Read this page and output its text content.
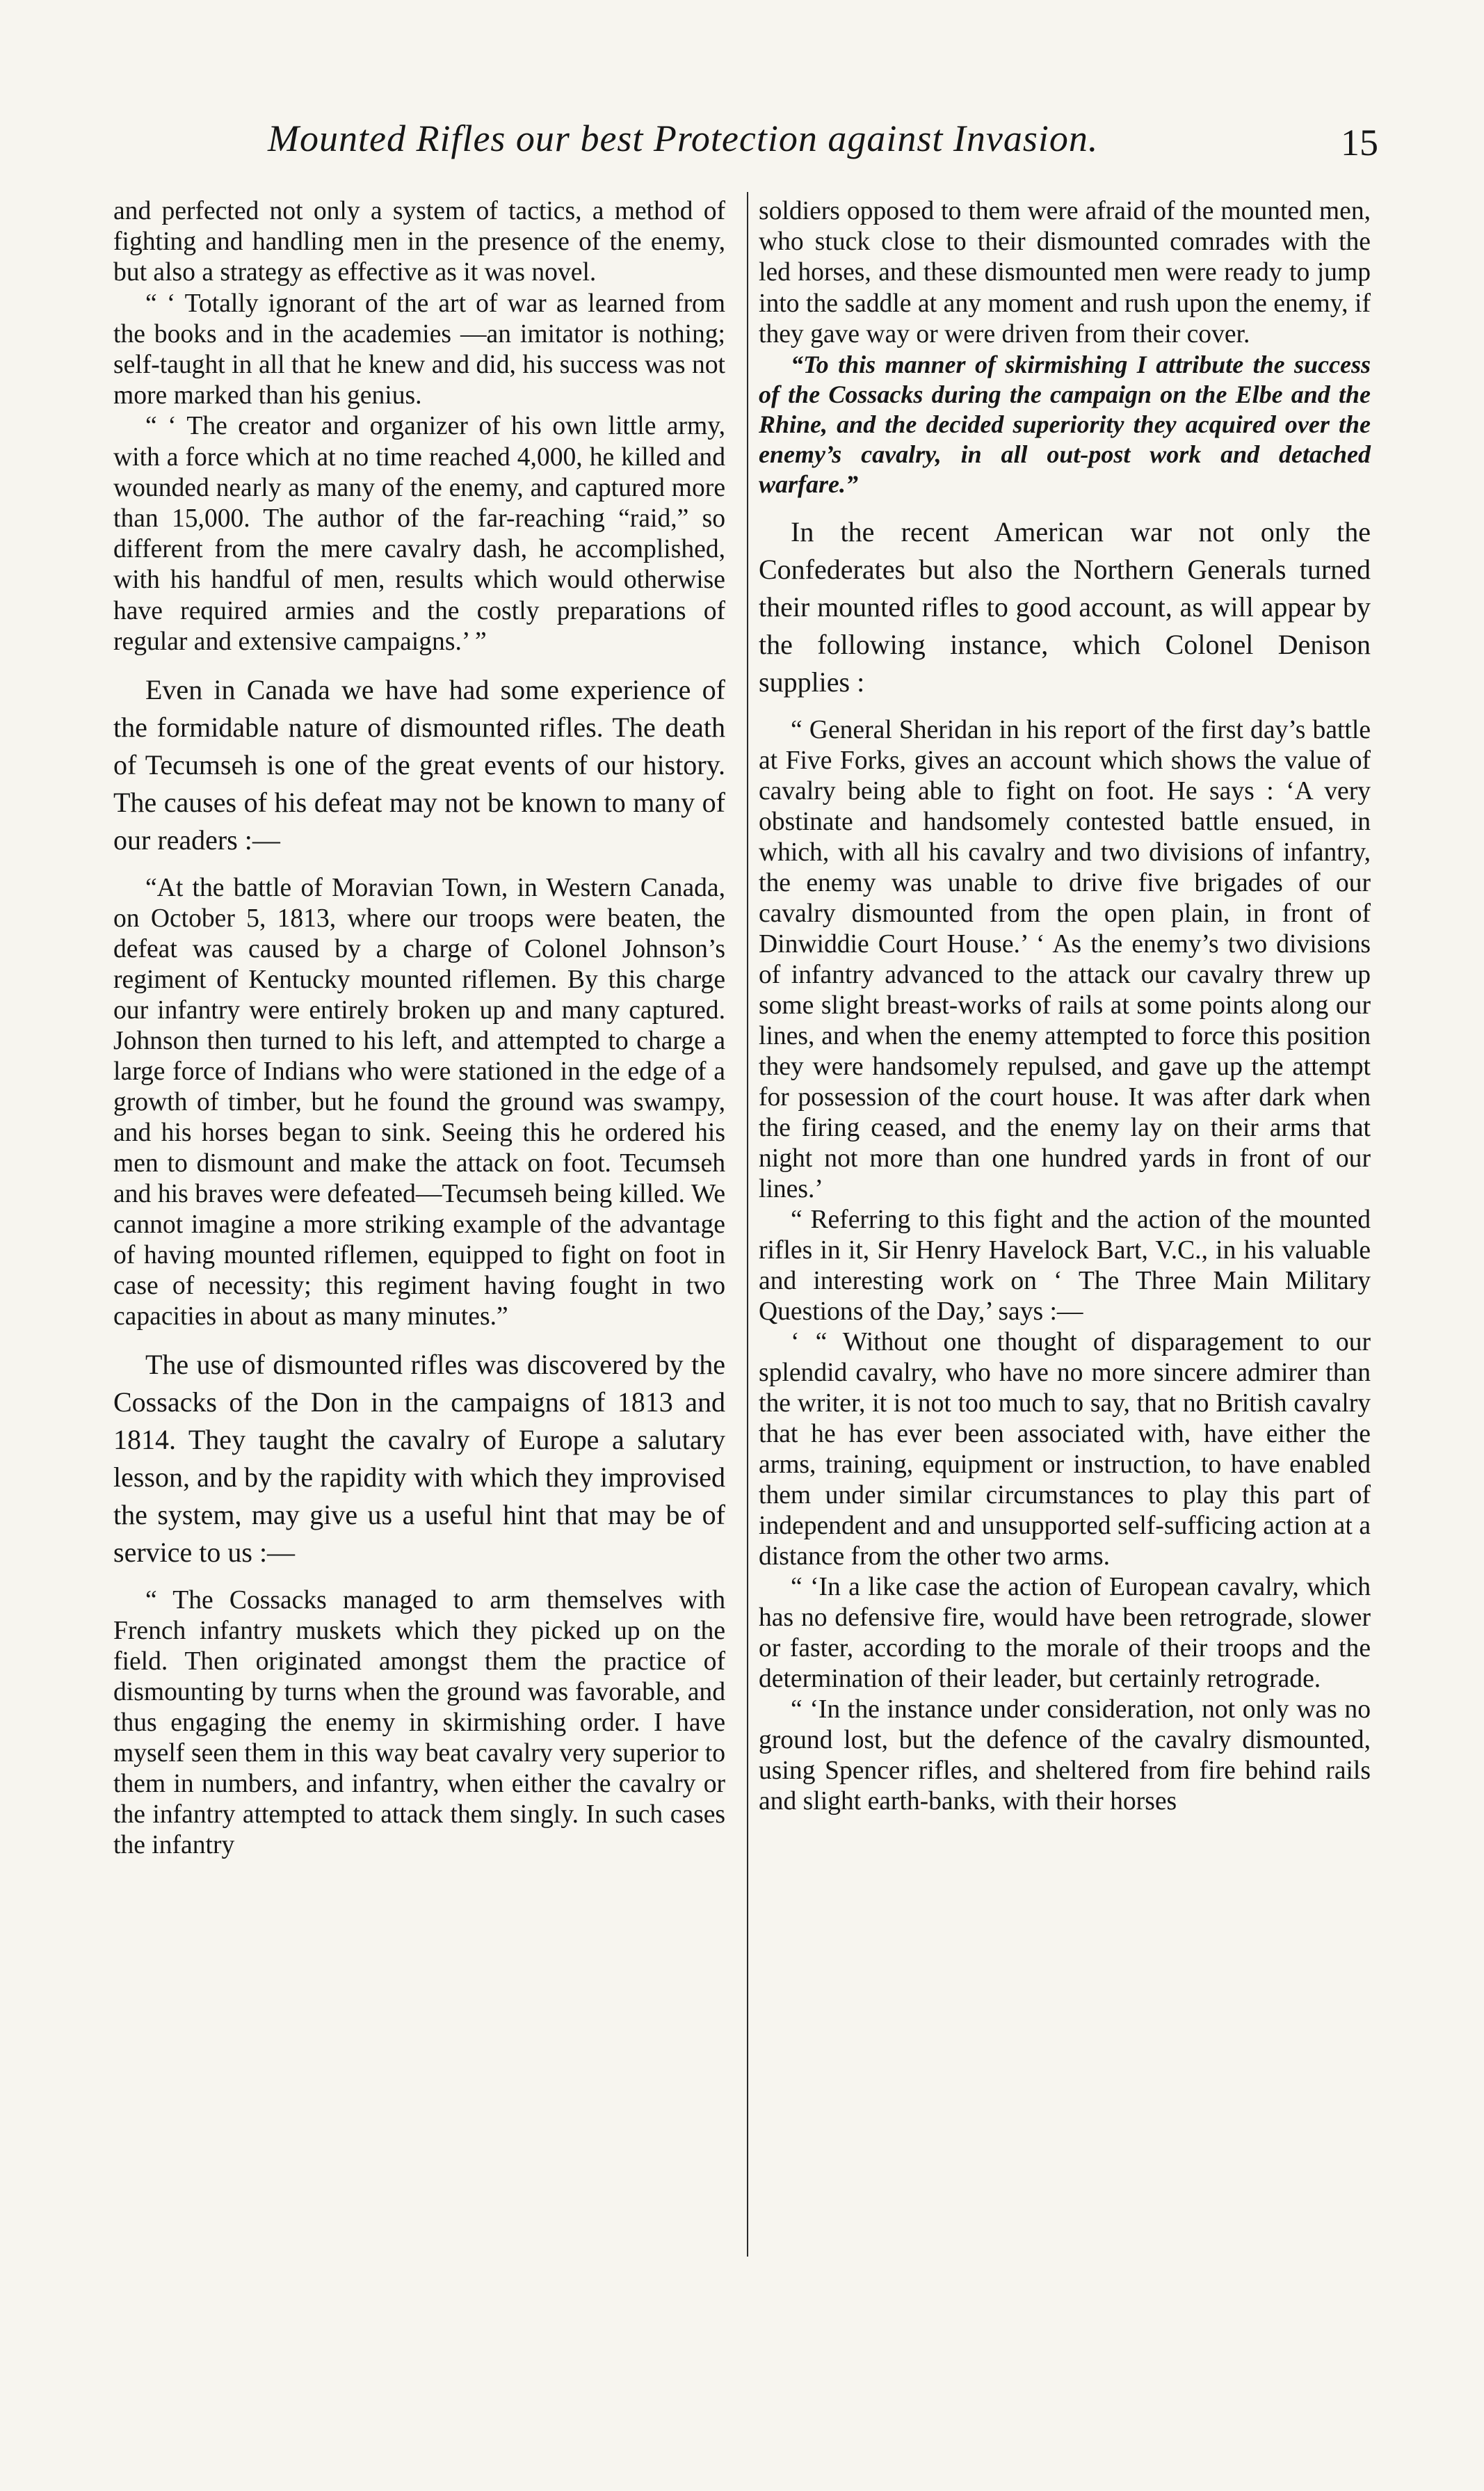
Mounted Rifles our best Protection against Invasion.	15

and perfected not only a system of tactics, a method of fighting and handling men in the presence of the enemy, but also a strategy as effective as it was novel.

“ ‘ Totally ignorant of the art of war as learned from the books and in the academies —an imitator is nothing; self-taught in all that he knew and did, his success was not more marked than his genius.

“ ‘ The creator and organizer of his own little army, with a force which at no time reached 4,000, he killed and wounded nearly as many of the enemy, and captured more than 15,000. The author of the far-reaching “raid,” so different from the mere cavalry dash, he accomplished, with his handful of men, results which would otherwise have required armies and the costly preparations of regular and extensive campaigns.’ ”

Even in Canada we have had some experience of the formidable nature of dismounted rifles. The death of Tecumseh is one of the great events of our history. The causes of his defeat may not be known to many of our readers :—

“At the battle of Moravian Town, in Western Canada, on October 5, 1813, where our troops were beaten, the defeat was caused by a charge of Colonel Johnson’s regiment of Kentucky mounted riflemen. By this charge our infantry were entirely broken up and many captured. Johnson then turned to his left, and attempted to charge a large force of Indians who were stationed in the edge of a growth of timber, but he found the ground was swampy, and his horses began to sink. Seeing this he ordered his men to dismount and make the attack on foot. Tecumseh and his braves were defeated—Tecumseh being killed. We cannot imagine a more striking example of the advantage of having mounted riflemen, equipped to fight on foot in case of necessity; this regiment having fought in two capacities in about as many minutes.”

The use of dismounted rifles was discovered by the Cossacks of the Don in the campaigns of 1813 and 1814. They taught the cavalry of Europe a salutary lesson, and by the rapidity with which they improvised the system, may give us a useful hint that may be of service to us :—

“ The Cossacks managed to arm themselves with French infantry muskets which they picked up on the field. Then originated amongst them the practice of dismounting by turns when the ground was favorable, and thus engaging the enemy in skirmishing order. I have myself seen them in this way beat cavalry very superior to them in numbers, and infantry, when either the cavalry or the infantry attempted to attack them singly. In such cases the infantry

soldiers opposed to them were afraid of the mounted men, who stuck close to their dismounted comrades with the led horses, and these dismounted men were ready to jump into the saddle at any moment and rush upon the enemy, if they gave way or were driven from their cover.

“To this manner of skirmishing I attribute the success of the Cossacks during the campaign on the Elbe and the Rhine, and the decided superiority they acquired over the enemy’s cavalry, in all out-post work and detached warfare.”

In the recent American war not only the Confederates but also the Northern Generals turned their mounted rifles to good account, as will appear by the following instance, which Colonel Denison supplies :

“ General Sheridan in his report of the first day’s battle at Five Forks, gives an account which shows the value of cavalry being able to fight on foot. He says : ‘A very obstinate and handsomely contested battle ensued, in which, with all his cavalry and two divisions of infantry, the enemy was unable to drive five brigades of our cavalry dismounted from the open plain, in front of Dinwiddie Court House.’ ‘ As the enemy’s two divisions of infantry advanced to the attack our cavalry threw up some slight breast-works of rails at some points along our lines, and when the enemy attempted to force this position they were handsomely repulsed, and gave up the attempt for possession of the court house. It was after dark when the firing ceased, and the enemy lay on their arms that night not more than one hundred yards in front of our lines.’

“ Referring to this fight and the action of the mounted rifles in it, Sir Henry Havelock Bart, V.C., in his valuable and interesting work on ‘ The Three Main Military Questions of the Day,’ says :—

‘ “ Without one thought of disparagement to our splendid cavalry, who have no more sincere admirer than the writer, it is not too much to say, that no British cavalry that he has ever been associated with, have either the arms, training, equipment or instruction, to have enabled them under similar circumstances to play this part of independent and and unsupported self-sufficing action at a distance from the other two arms.

“ ‘In a like case the action of European cavalry, which has no defensive fire, would have been retrograde, slower or faster, according to the morale of their troops and the determination of their leader, but certainly retrograde.

“ ‘In the instance under consideration, not only was no ground lost, but the defence of the cavalry dismounted, using Spencer rifles, and sheltered from fire behind rails and slight earth-banks, with their horses
